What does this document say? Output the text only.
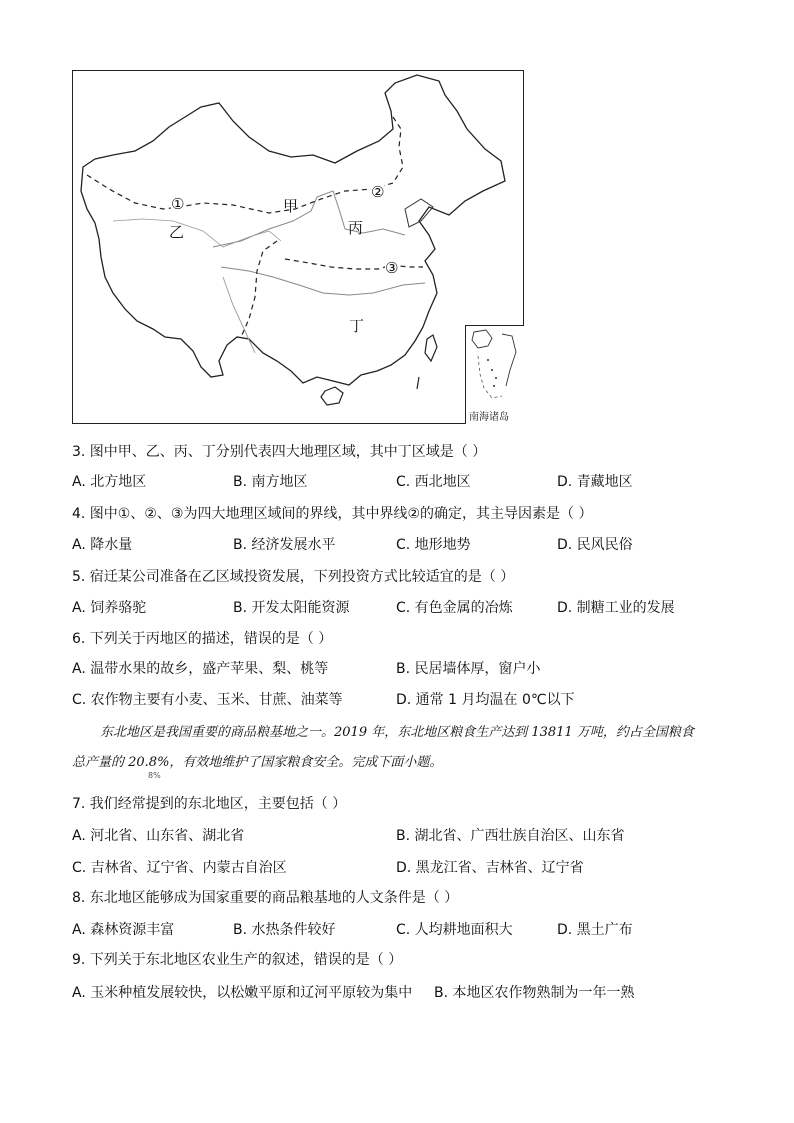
甲
乙	丙
丁
①
②
③
南海诸岛
3. 图中甲、乙、丙、丁分别代表四大地理区域，其中丁区域是（ ）
A. 北方地区	B. 南方地区	C. 西北地区	D. 青藏地区
4. 图中①、②、③为四大地理区域间的界线，其中界线②的确定，其主导因素是（ ）
A. 降水量	B. 经济发展水平	C. 地形地势	D. 民风民俗
5. 宿迁某公司准备在乙区域投资发展，下列投资方式比较适宜的是（ ）
A. 饲养骆驼	B. 开发太阳能资源	C. 有色金属的冶炼	D. 制糖工业的发展
6. 下列关于丙地区的描述，错误的是（ ）
A. 温带水果的故乡，盛产苹果、梨、桃等	B. 民居墙体厚，窗户小
C. 农作物主要有小麦、玉米、甘蔗、油菜等	D. 通常 1 月均温在 0℃以下
东北地区是我国重要的商品粮基地之一。2019 年，东北地区粮食生产达到 13811 万吨，约占全国粮食
总产量的 20.8%，有效地维护了国家粮食安全。完成下面小题。
8%
7. 我们经常提到的东北地区，主要包括（ ）
A. 河北省、山东省、湖北省	B. 湖北省、广西壮族自治区、山东省
C. 吉林省、辽宁省、内蒙古自治区	D. 黑龙江省、吉林省、辽宁省
8. 东北地区能够成为国家重要的商品粮基地的人文条件是（ ）
A. 森林资源丰富	B. 水热条件较好	C. 人均耕地面积大	D. 黑土广布
9. 下列关于东北地区农业生产的叙述，错误的是（ ）
A. 玉米种植发展较快，以松嫩平原和辽河平原较为集中 B. 本地区农作物熟制为一年一熟
